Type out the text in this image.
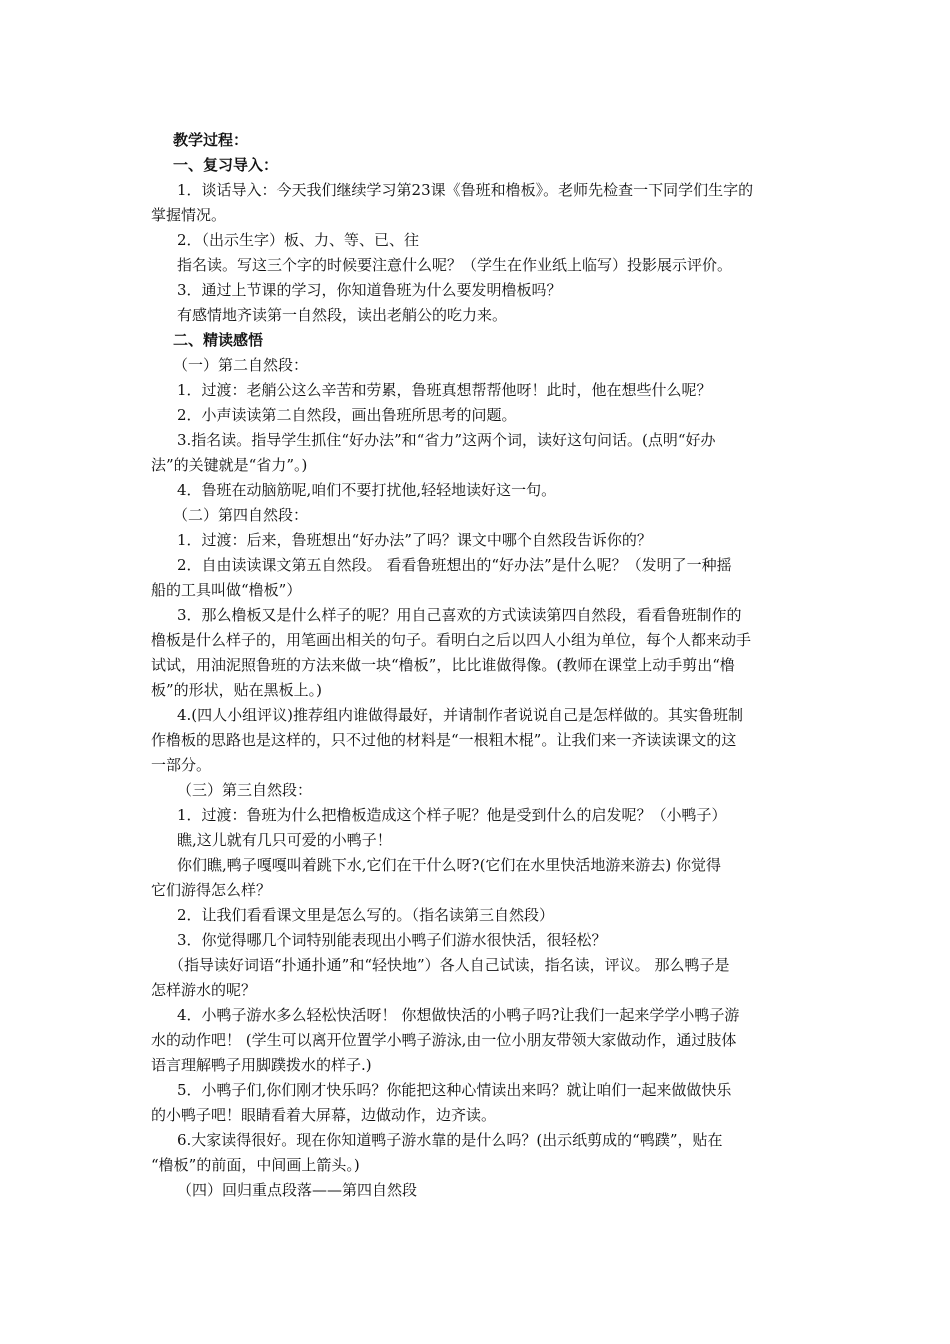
教学过程：

一、复习导入：

1．谈话导入：今天我们继续学习第23课《鲁班和橹板》。老师先检查一下同学们生字的

掌握情况。

2．（出示生字）板、力、等、已、往

指名读。写这三个字的时候要注意什么呢？（学生在作业纸上临写）投影展示评价。

3．通过上节课的学习，你知道鲁班为什么要发明橹板吗？

有感情地齐读第一自然段，读出老艄公的吃力来。

二、精读感悟

（一）第二自然段：

1．过渡：老艄公这么辛苦和劳累，鲁班真想帮帮他呀！此时，他在想些什么呢？

2．小声读读第二自然段，画出鲁班所思考的问题。

3.指名读。指导学生抓住“好办法”和“省力”这两个词，读好这句问话。(点明“好办

法”的关键就是“省力”。)

4．鲁班在动脑筋呢,咱们不要打扰他,轻轻地读好这一句。

（二）第四自然段：

1．过渡：后来，鲁班想出“好办法”了吗？课文中哪个自然段告诉你的？

2．自由读读课文第五自然段。 看看鲁班想出的“好办法”是什么呢？（发明了一种摇

船的工具叫做“橹板”）

3．那么橹板又是什么样子的呢？用自己喜欢的方式读读第四自然段，看看鲁班制作的

橹板是什么样子的，用笔画出相关的句子。看明白之后以四人小组为单位，每个人都来动手

试试，用油泥照鲁班的方法来做一块“橹板”，比比谁做得像。(教师在课堂上动手剪出“橹

板”的形状，贴在黑板上。)

4.(四人小组评议)推荐组内谁做得最好，并请制作者说说自己是怎样做的。其实鲁班制

作橹板的思路也是这样的，只不过他的材料是“一根粗木棍”。让我们来一齐读读课文的这

一部分。

（三）第三自然段：

1．过渡：鲁班为什么把橹板造成这个样子呢？他是受到什么的启发呢？（小鸭子）

瞧,这儿就有几只可爱的小鸭子！

你们瞧,鸭子嘎嘎叫着跳下水,它们在干什么呀?(它们在水里快活地游来游去) 你觉得

它们游得怎么样？

2．让我们看看课文里是怎么写的。（指名读第三自然段）

3．你觉得哪几个词特别能表现出小鸭子们游水很快活，很轻松？

（指导读好词语“扑通扑通”和“轻快地”）各人自己试读，指名读，评议。 那么鸭子是

怎样游水的呢？

4．小鸭子游水多么轻松快活呀！ 你想做快活的小鸭子吗?让我们一起来学学小鸭子游

水的动作吧！ (学生可以离开位置学小鸭子游泳,由一位小朋友带领大家做动作，通过肢体

语言理解鸭子用脚蹼拨水的样子.)

5．小鸭子们,你们刚才快乐吗？你能把这种心情读出来吗？就让咱们一起来做做快乐

的小鸭子吧！眼睛看着大屏幕，边做动作，边齐读。

6.大家读得很好。现在你知道鸭子游水靠的是什么吗？(出示纸剪成的“鸭蹼”，贴在

“橹板”的前面，中间画上箭头。)

（四）回归重点段落——第四自然段
